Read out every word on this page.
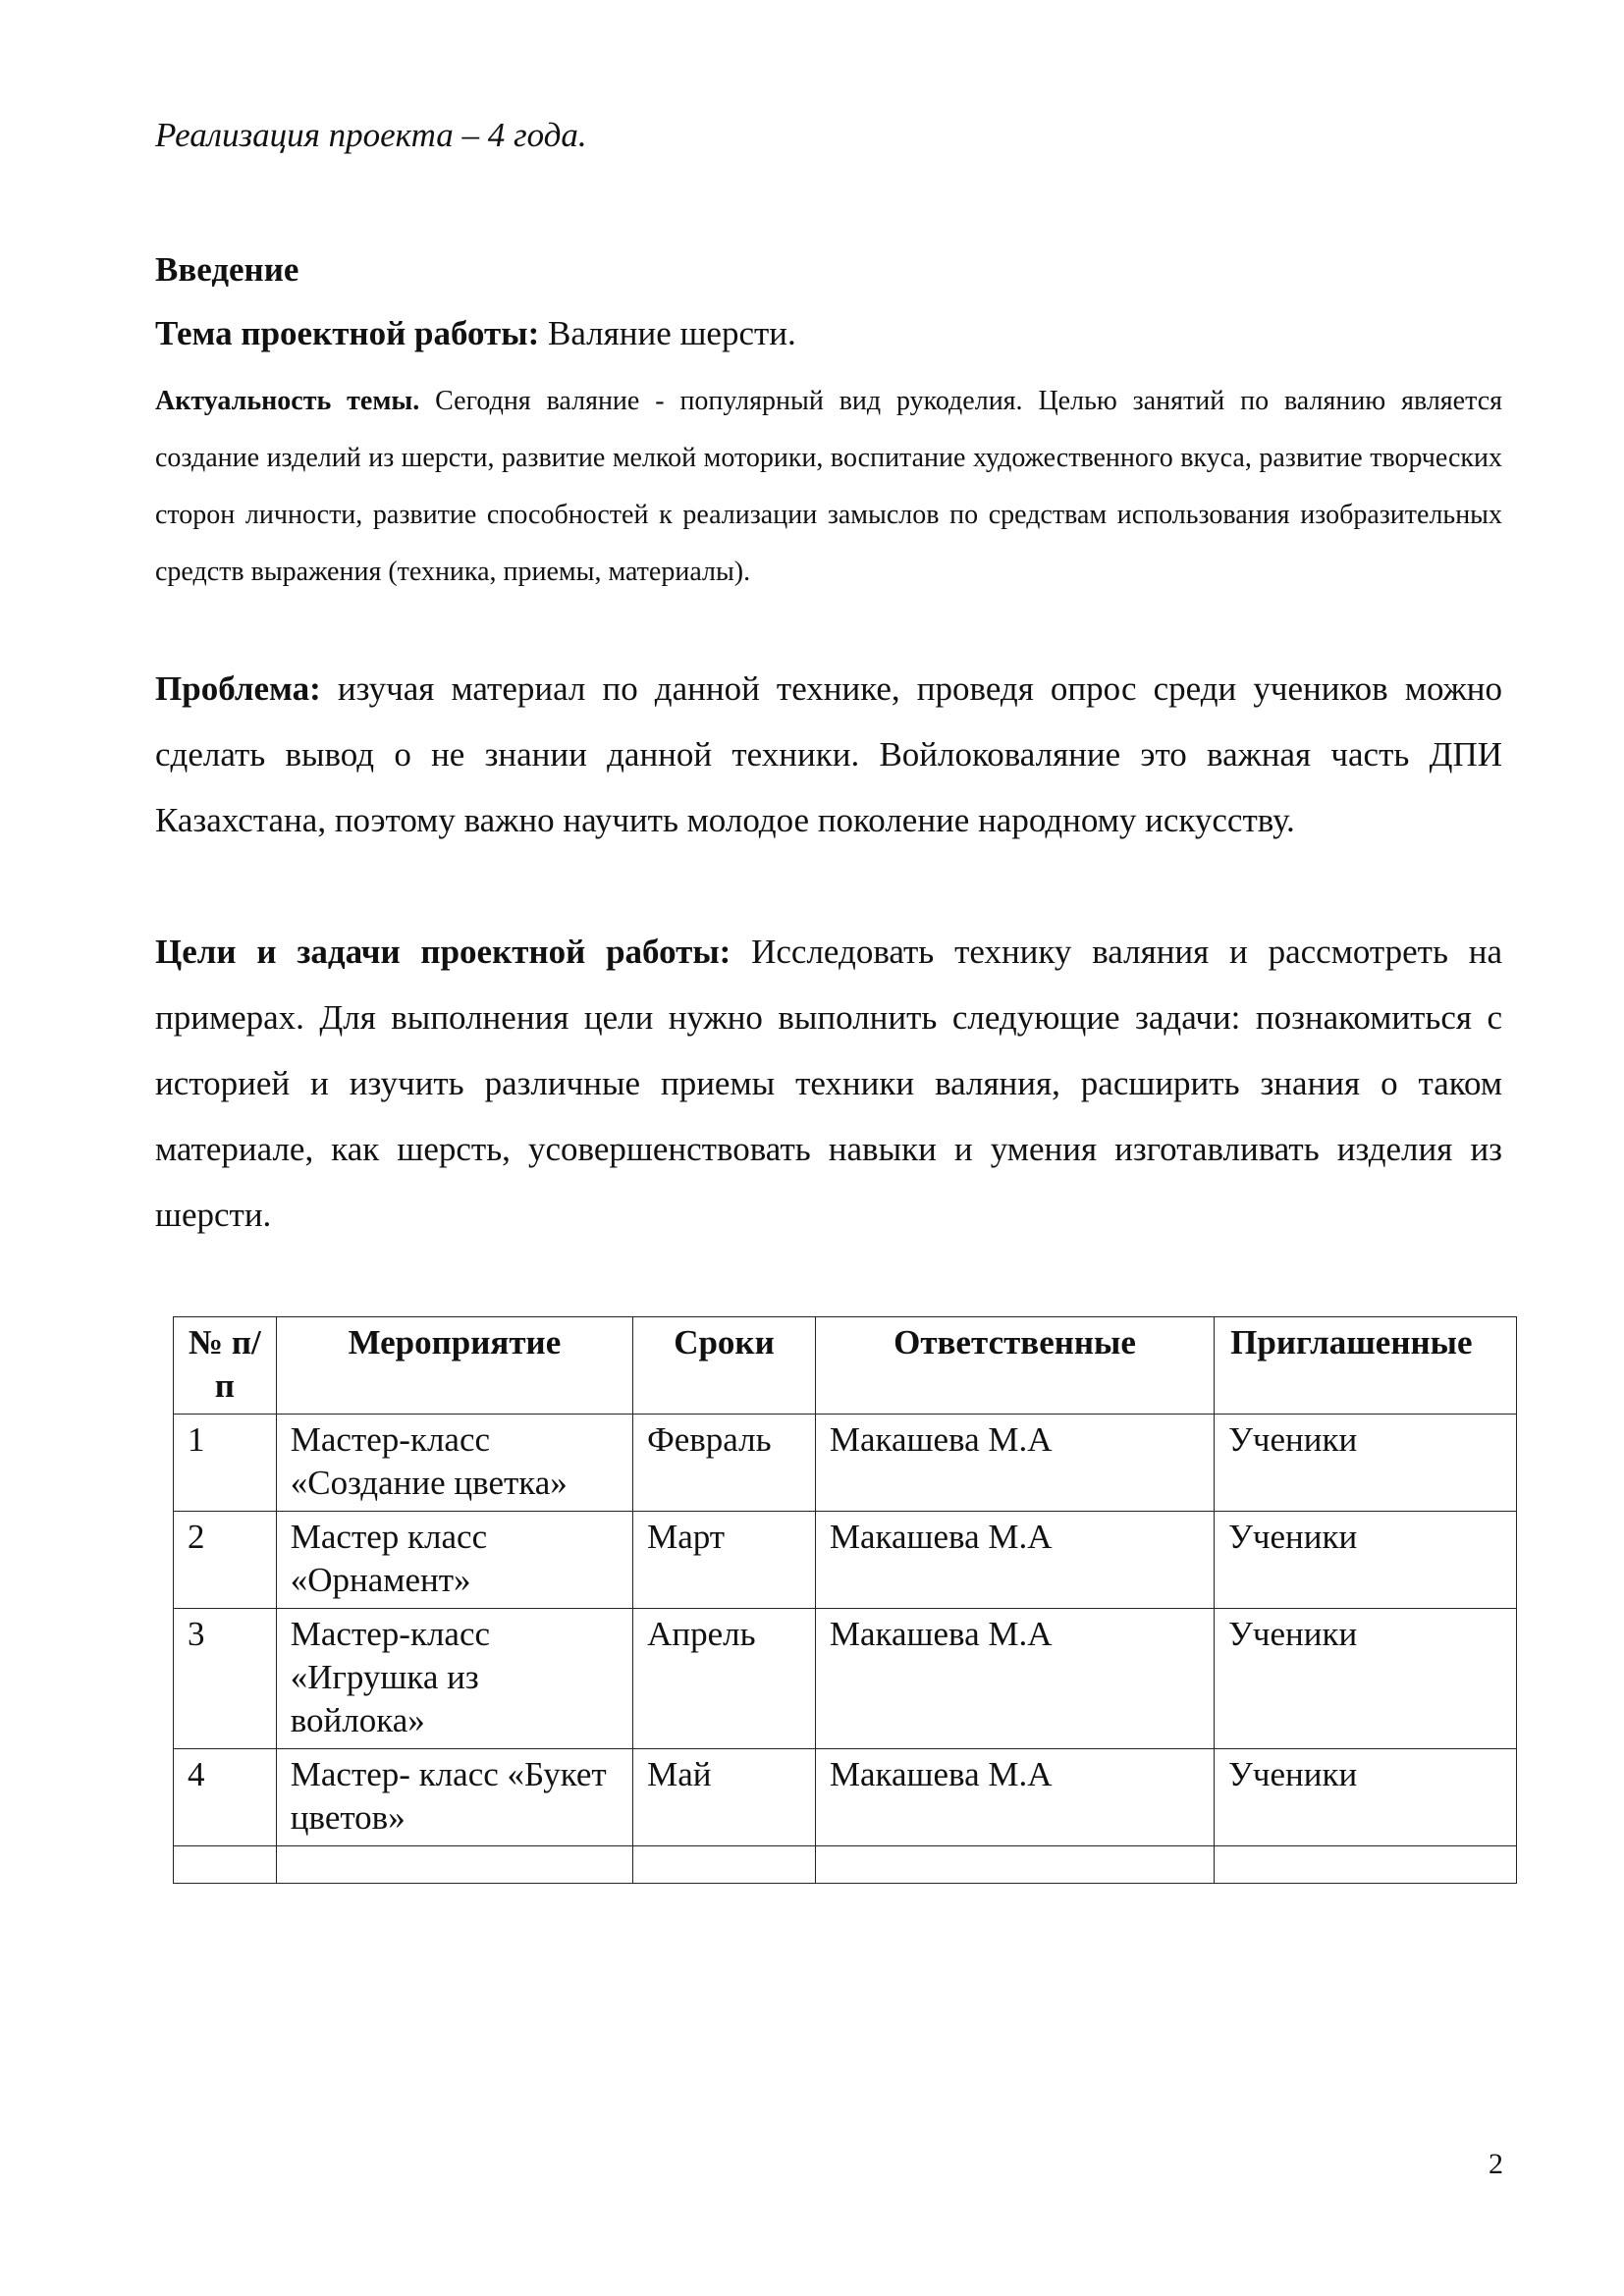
Реализация проекта – 4 года.
Введение
Тема проектной работы: Валяние шерсти.
Актуальность темы. Сегодня валяние - популярный вид рукоделия. Целью занятий по валянию является создание изделий из шерсти, развитие мелкой моторики, воспитание художественного вкуса, развитие творческих сторон личности, развитие способностей к реализации замыслов по средствам использования изобразительных средств выражения (техника, приемы, материалы).
Проблема: изучая материал по данной технике, проведя опрос среди учеников можно сделать вывод о не знании данной техники. Войлоковаляние это важная часть ДПИ Казахстана, поэтому важно научить молодое поколение народному искусству.
Цели и задачи проектной работы: Исследовать технику валяния и рассмотреть на примерах. Для выполнения цели нужно выполнить следующие задачи: познакомиться с историей и изучить различные приемы техники валяния, расширить знания о таком материале, как шерсть, усовершенствовать навыки и умения изготавливать изделия из шерсти.
№ п/п	Мероприятие	Сроки	Ответственные	Приглашенные
1	Мастер-класс «Создание цветка»	Февраль	Макашева М.А	Ученики
2	Мастер класс «Орнамент»	Март	Макашева М.А	Ученики
3	Мастер-класс «Игрушка из войлока»	Апрель	Макашева М.А	Ученики
4	Мастер- класс «Букет цветов»	Май	Макашева М.А	Ученики

2
